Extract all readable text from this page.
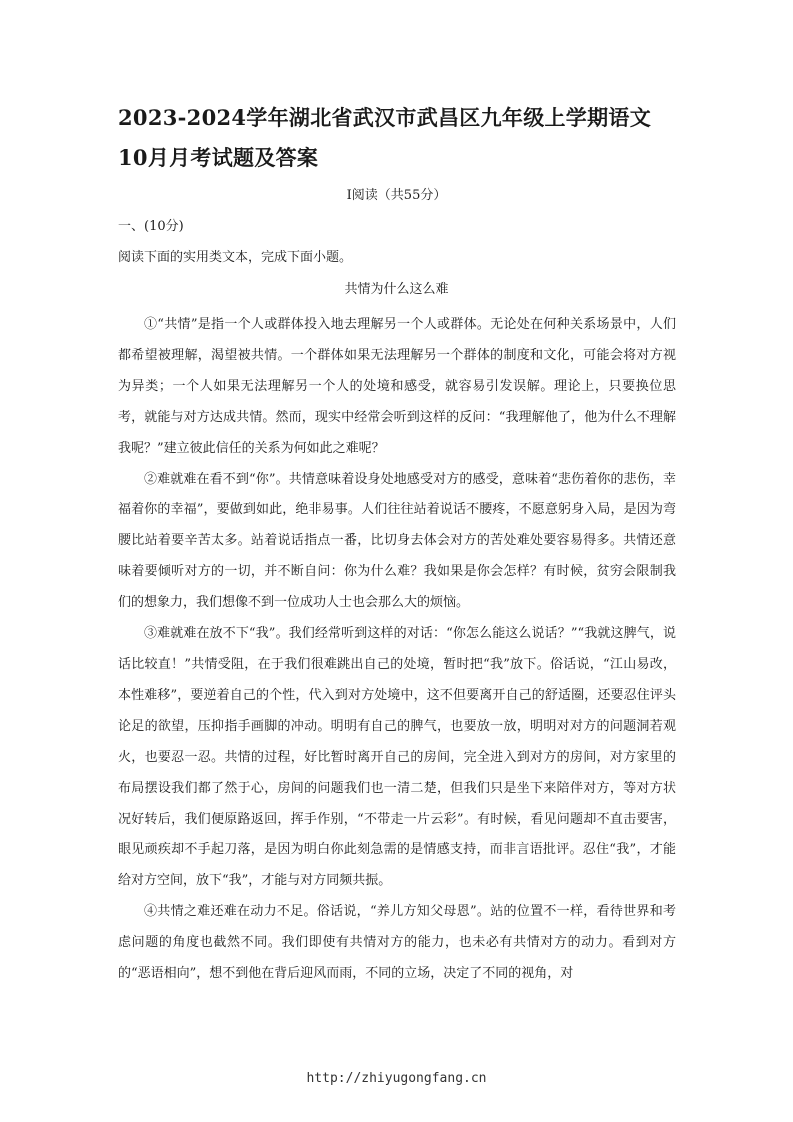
2023-2024学年湖北省武汉市武昌区九年级上学期语文10月月考试题及答案
Ⅰ阅读（共55分）
一、(10分)
阅读下面的实用类文本，完成下面小题。
共情为什么这么难

①“共情”是指一个人或群体投入地去理解另一个人或群体。无论处在何种关系场景中，人们都希望被理解，渴望被共情。一个群体如果无法理解另一个群体的制度和文化，可能会将对方视为异类；一个人如果无法理解另一个人的处境和感受，就容易引发误解。理论上，只要换位思考，就能与对方达成共情。然而，现实中经常会听到这样的反问：“我理解他了，他为什么不理解我呢？”建立彼此信任的关系为何如此之难呢？

②难就难在看不到“你”。共情意味着设身处地感受对方的感受，意味着“悲伤着你的悲伤，幸福着你的幸福”，要做到如此，绝非易事。人们往往站着说话不腰疼，不愿意躬身入局，是因为弯腰比站着要辛苦太多。站着说话指点一番，比切身去体会对方的苦处难处要容易得多。共情还意味着要倾听对方的一切，并不断自问：你为什么难？我如果是你会怎样？有时候，贫穷会限制我们的想象力，我们想像不到一位成功人士也会那么大的烦恼。

③难就难在放不下“我”。我们经常听到这样的对话：“你怎么能这么说话？”“我就这脾气，说话比较直！”共情受阻，在于我们很难跳出自己的处境，暂时把“我”放下。俗话说，“江山易改，本性难移”，要逆着自己的个性，代入到对方处境中，这不但要离开自己的舒适圈，还要忍住评头论足的欲望，压抑指手画脚的冲动。明明有自己的脾气，也要放一放，明明对对方的问题洞若观火，也要忍一忍。共情的过程，好比暂时离开自己的房间，完全进入到对方的房间，对方家里的布局摆设我们都了然于心，房间的问题我们也一清二楚，但我们只是坐下来陪伴对方，等对方状况好转后，我们便原路返回，挥手作别，“不带走一片云彩”。有时候，看见问题却不直击要害，眼见顽疾却不手起刀落，是因为明白你此刻急需的是情感支持，而非言语批评。忍住“我”，才能给对方空间，放下“我”，才能与对方同频共振。

④共情之难还难在动力不足。俗话说，“养儿方知父母恩”。站的位置不一样，看待世界和考虑问题的角度也截然不同。我们即使有共情对方的能力，也未必有共情对方的动力。看到对方的“恶语相向”，想不到他在背后迎风而雨，不同的立场，决定了不同的视角，对

http://zhiyugongfang.cn
